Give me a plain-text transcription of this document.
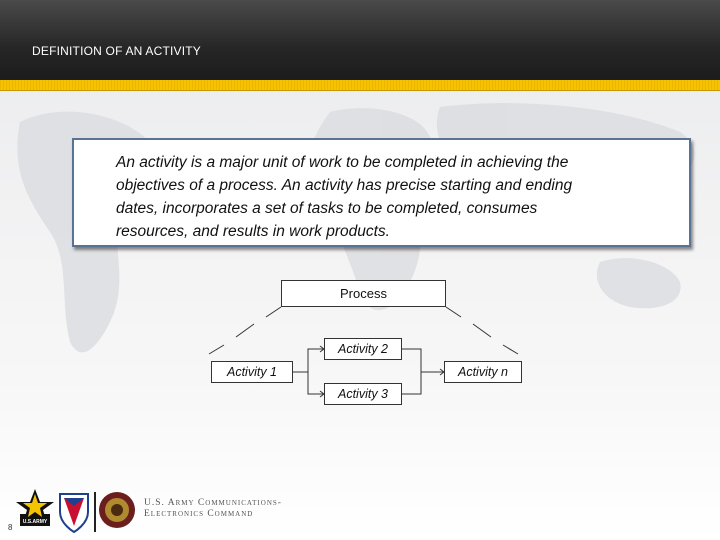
DEFINITION OF AN ACTIVITY
An activity is a major unit of work to be completed in achieving the
objectives of a process. An activity has precise starting and ending
dates, incorporates a set of tasks to be completed, consumes
resources, and results in work products.
Process
Activity 2
Activity 1	Activity n
Activity 3
U.S.ARMY
U.S. Army Communications-
Electronics Command
8
